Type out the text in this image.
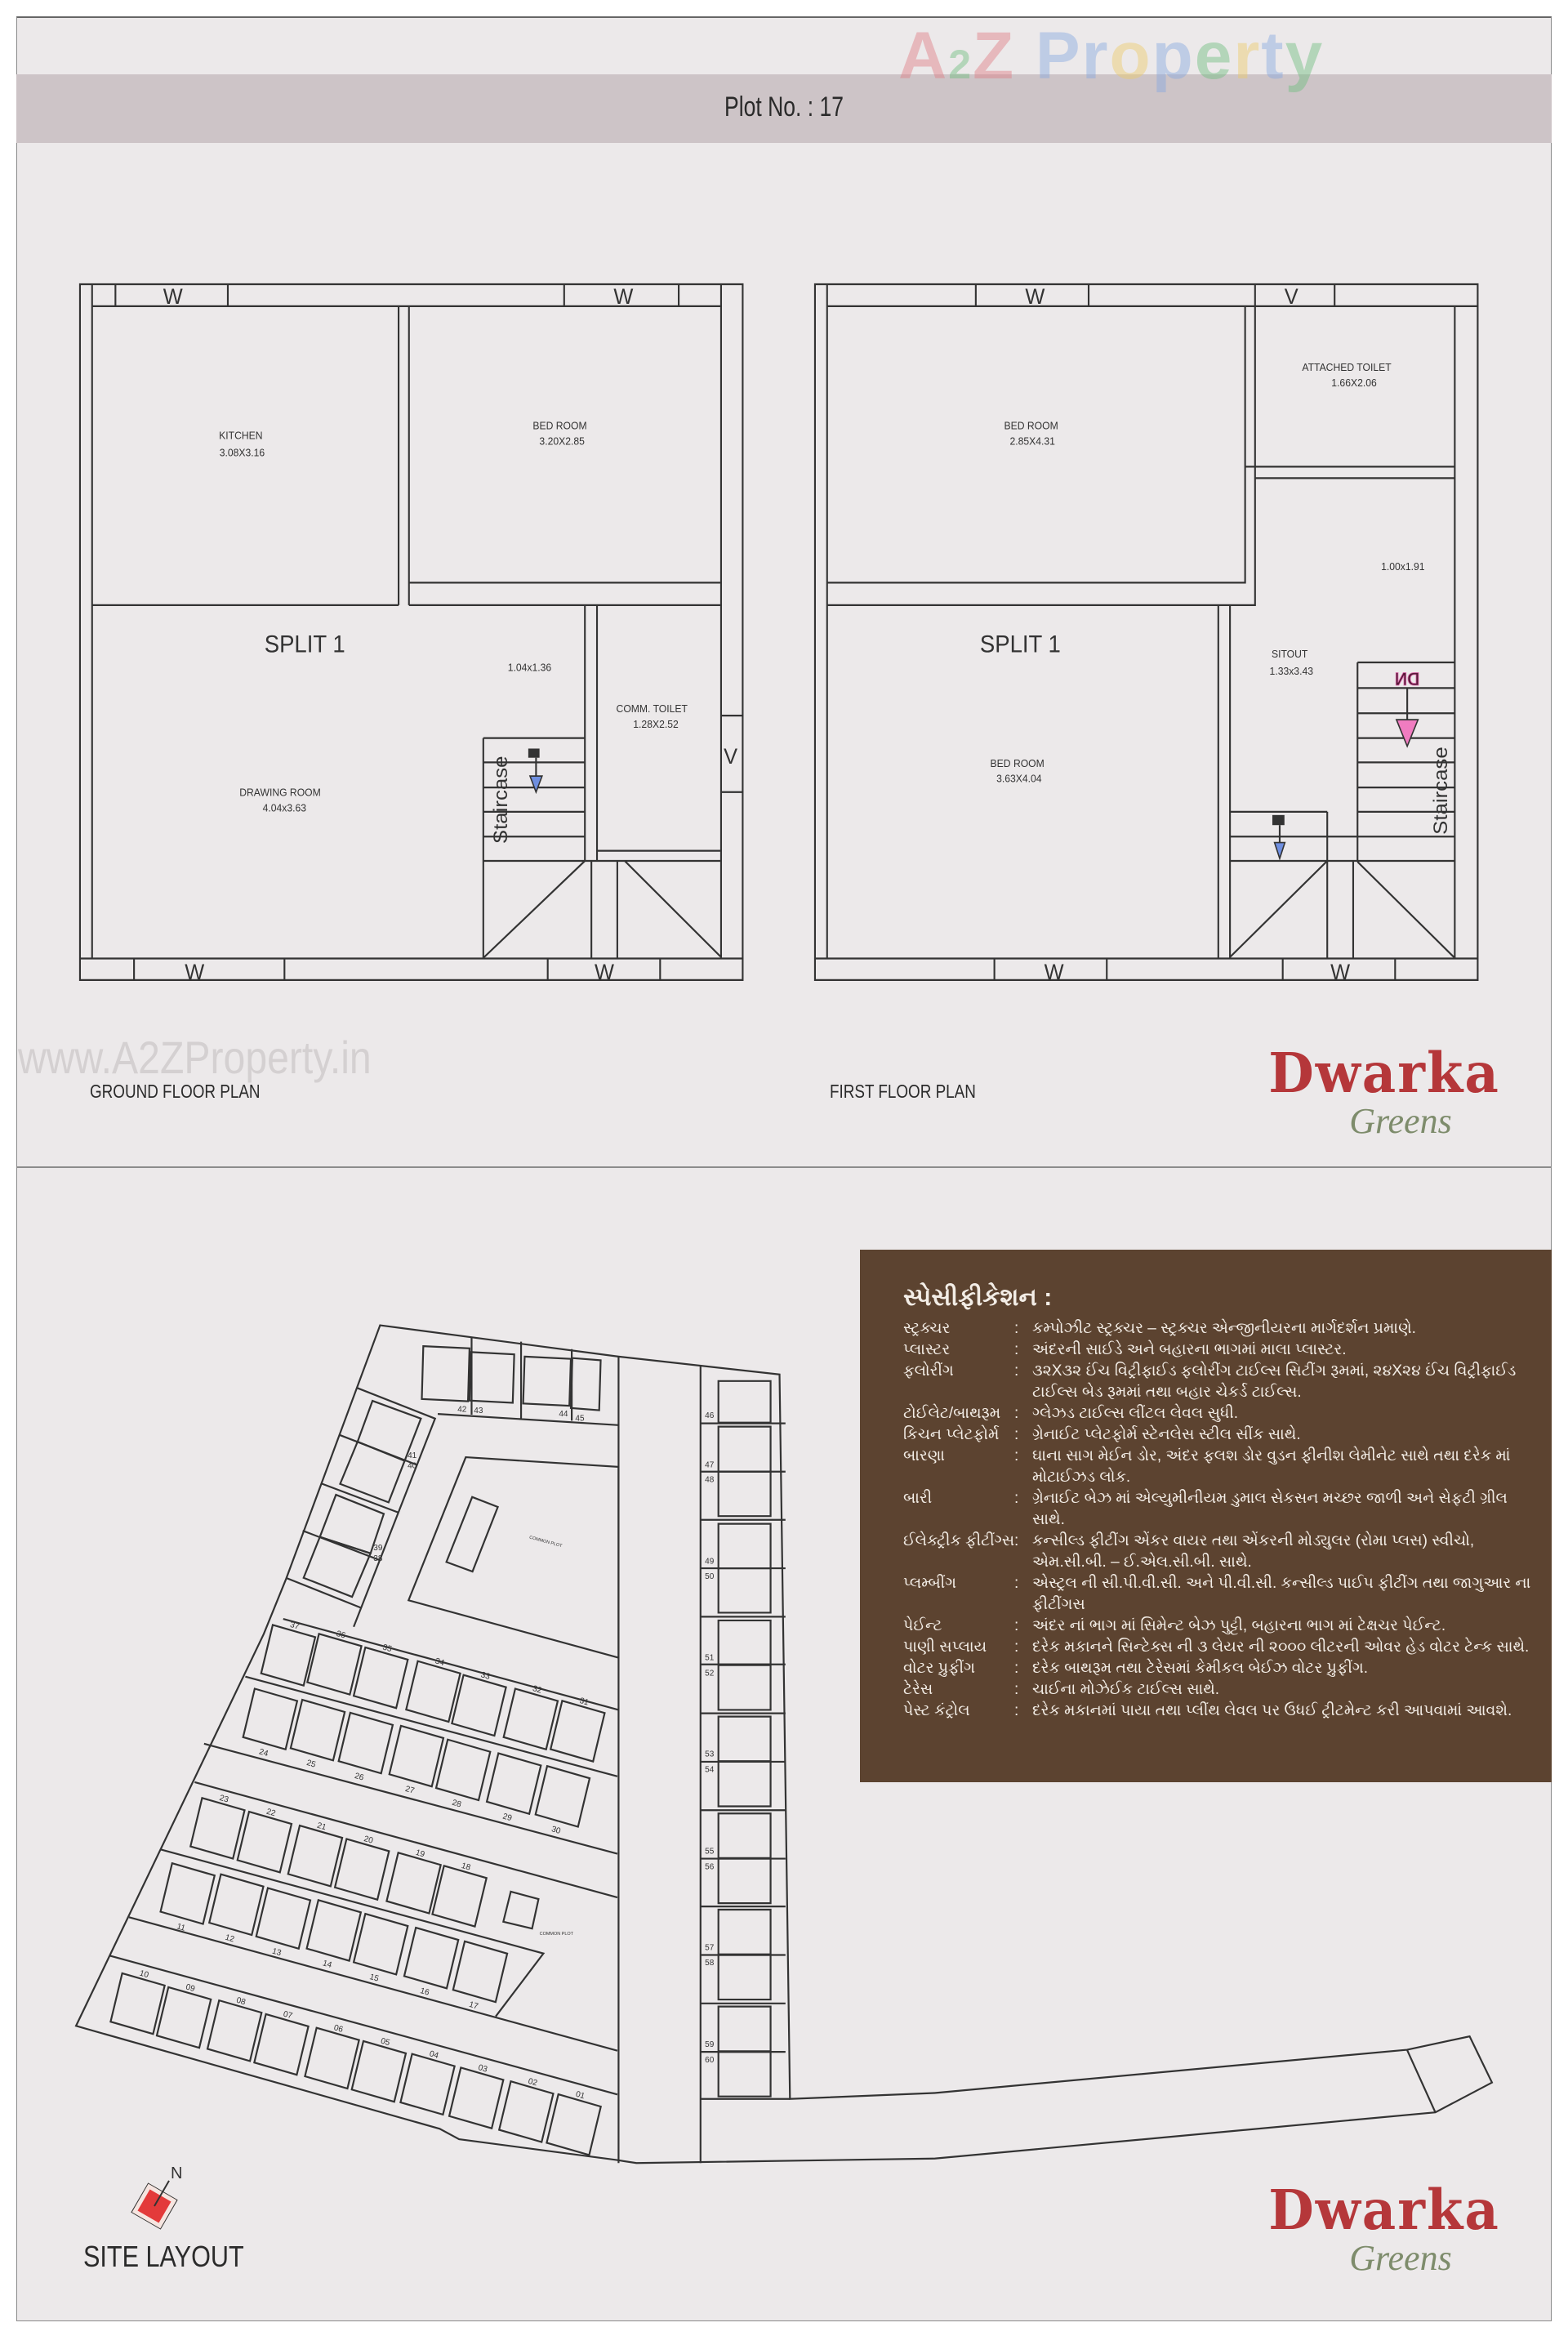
Plot No. : 17
A2Z Property
www.A2ZProperty.in
W	W
W	W
V
KITCHEN
3.08X3.16
BED ROOM
3.20X2.85
SPLIT 1
1.04x1.36
COMM. TOILET
1.28X2.52
DRAWING ROOM
4.04x3.63	Staircase
W	V
W	W
BED ROOM
2.85X4.31
ATTACHED TOILET
1.66X2.06
1.00x1.91
SPLIT 1	SITOUT
1.33x3.43
BED ROOM
3.63X4.04	Staircase
DN
GROUND FLOOR PLAN	FIRST FLOOR PLAN	Dwarka
Greens
COMMON PLOT
COMMON PLOT
37
36
35
34
33
32
31
24
25
26
27
28
29
30
23
22
21
20
19
18
11
12
13
14
15
16
17
10
09
08
07
06
05
04
03
02
01
42 43	44 45
41
40
39
38
46
47
48
49
50
51
52
53
54
55
56
57
58
59
60
સ્પેસીફીકેશન :
સ્ટ્રક્ચર	: કમ્પોઝીટ સ્ટ્રક્ચર – સ્ટ્રક્ચર એન્જીનીયરના માર્ગદર્શન પ્રમાણે.
પ્લાસ્ટર	: અંદરની સાઈડે અને બહારના ભાગમાં માલા પ્લાસ્ટર.
ફલોરીંગ	: ૩૨X૩૨ ઈંચ વિટ્રીફાઈડ ફલોરીંગ ટાઈલ્સ સિટીંગ રૂમમાં, ૨૪X૨૪ ઈંચ વિટ્રીફાઈડ ટાઈલ્સ બેડ રૂમમાં તથા બહાર ચેકર્ડ ટાઈલ્સ.
ટોઈલેટ/બાથરૂમ : ગ્લેઝડ ટાઈલ્સ લીંટલ લેવલ સુધી.
કિચન પ્લેટફોર્મ : ગ્રેનાઈટ પ્લેટફોર્મ સ્ટેનલેસ સ્ટીલ સીંક સાથે.
બારણા	: ઘાના સાગ મેઈન ડોર, અંદર ફલશ ડોર વુડન ફીનીશ લેમીનેટ સાથે તથા દરેક માં મોટાઈઝડ લોક.
બારી	: ગ્રેનાઈટ બેઝ માં એલ્યુમીનીયમ ડુમાલ સેકસન મચ્છર જાળી અને સેફટી ગ્રીલ સાથે.
ઈલેક્ટ્રીક ફીટીંગ્સ : કન્સીલ્ડ ફીટીંગ એંકર વાયર તથા એંકરની મોડ્યુલર (રોમા પ્લસ) સ્વીચો, એમ.સી.બી. – ઈ.એલ.સી.બી. સાથે.
પ્લમ્બીંગ	: એસ્ટ્રલ ની સી.પી.વી.સી. અને પી.વી.સી. કન્સીલ્ડ પાઈપ ફીટીંગ તથા જાગુઆર ના ફીટીંગસ
પેઈન્ટ	: અંદર નાં ભાગ માં સિમેન્ટ બેઝ પુટ્ટી, બહારના ભાગ માં ટેક્ષચર પેઈન્ટ.
પાણી સપ્લાય	: દરેક મકાનને સિન્ટેક્સ ની ૩ લેયર ની ૨૦૦૦ લીટરની ઓવર હેડ વોટર ટેન્ક સાથે.
વોટર પ્રુફીંગ	: દરેક બાથરૂમ તથા ટેરેસમાં કેમીકલ બેઈઝ વોટર પ્રુફીંગ.
ટેરેસ	: ચાઈના મોઝેઈક ટાઈલ્સ સાથે.
પેસ્ટ કંટ્રોલ	: દરેક મકાનમાં પાયા તથા પ્લીંથ લેવલ પર ઉધઈ ટ્રીટમેન્ટ કરી આપવામાં આવશે.
N
SITE LAYOUT
Dwarka
Greens
